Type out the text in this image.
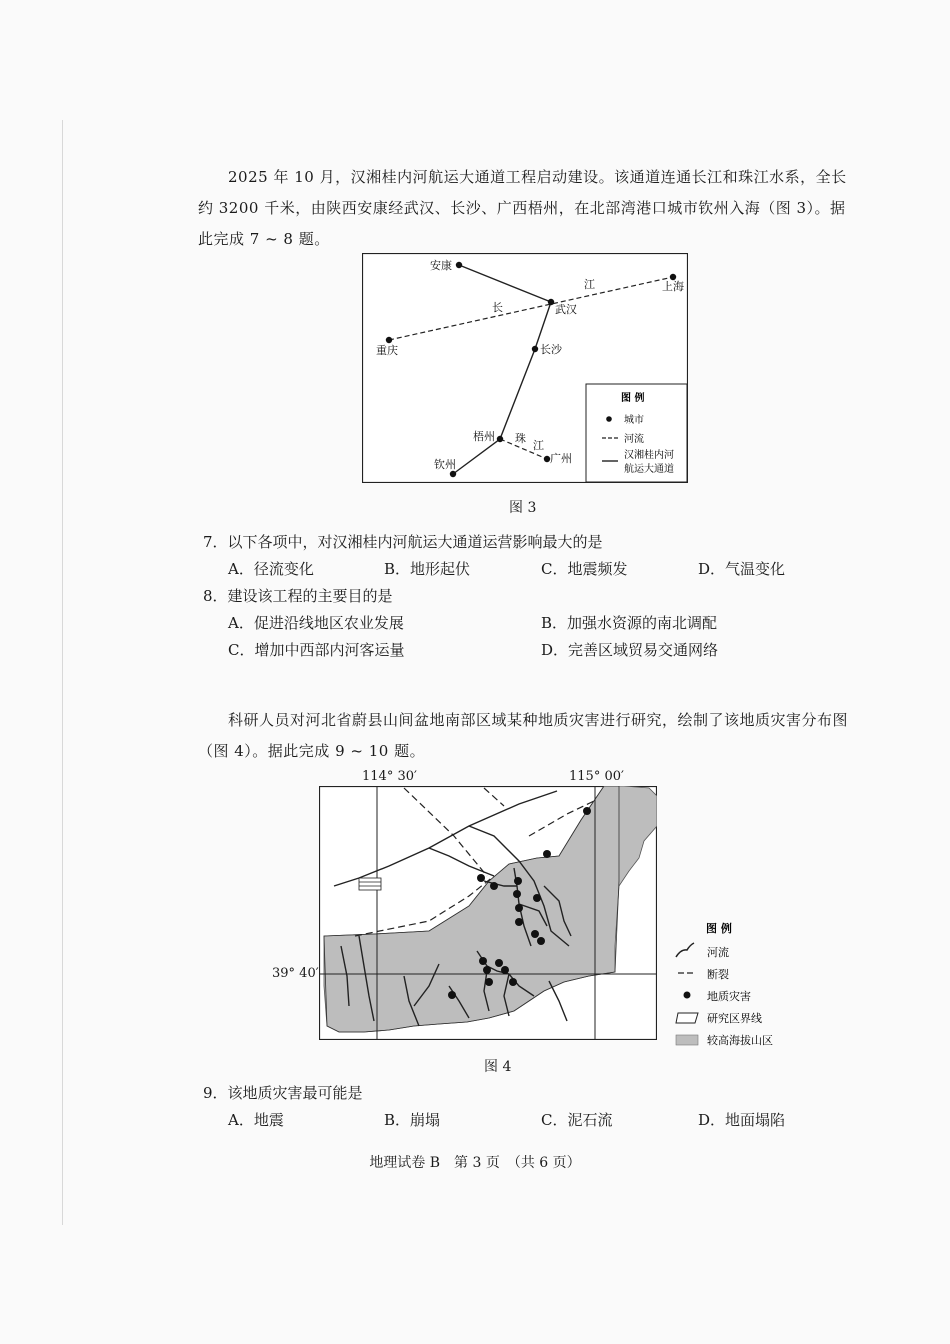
2025 年 10 月，汉湘桂内河航运大通道工程启动建设。该通道连通长江和珠江水系，全长约 3200 千米，由陕西安康经武汉、长沙、广西梧州，在北部湾港口城市钦州入海（图 3）。据此完成 7 ~ 8 题。
安康
武汉
上海
重庆	长沙
梧州
钦州	广州
长
江
珠
江
图 例
城市
河流
汉湘桂内河
航运大通道
图 3
7．以下各项中，对汉湘桂内河航运大通道运营影响最大的是
A．径流变化	B．地形起伏	C．地震频发	D．气温变化
8．建设该工程的主要目的是
A．促进沿线地区农业发展	B．加强水资源的南北调配
C．增加中西部内河客运量	D．完善区域贸易交通网络
科研人员对河北省蔚县山间盆地南部区域某种地质灾害进行研究，绘制了该地质灾害分布图（图 4）。据此完成 9 ~ 10 题。
114° 30′	115° 00′
39° 40′
图 例
河流
断裂
地质灾害
研究区界线
较高海拔山区
图 4
9．该地质灾害最可能是
A．地震	B．崩塌	C．泥石流	D．地面塌陷
地理试卷 B　第 3 页　（共 6 页）
